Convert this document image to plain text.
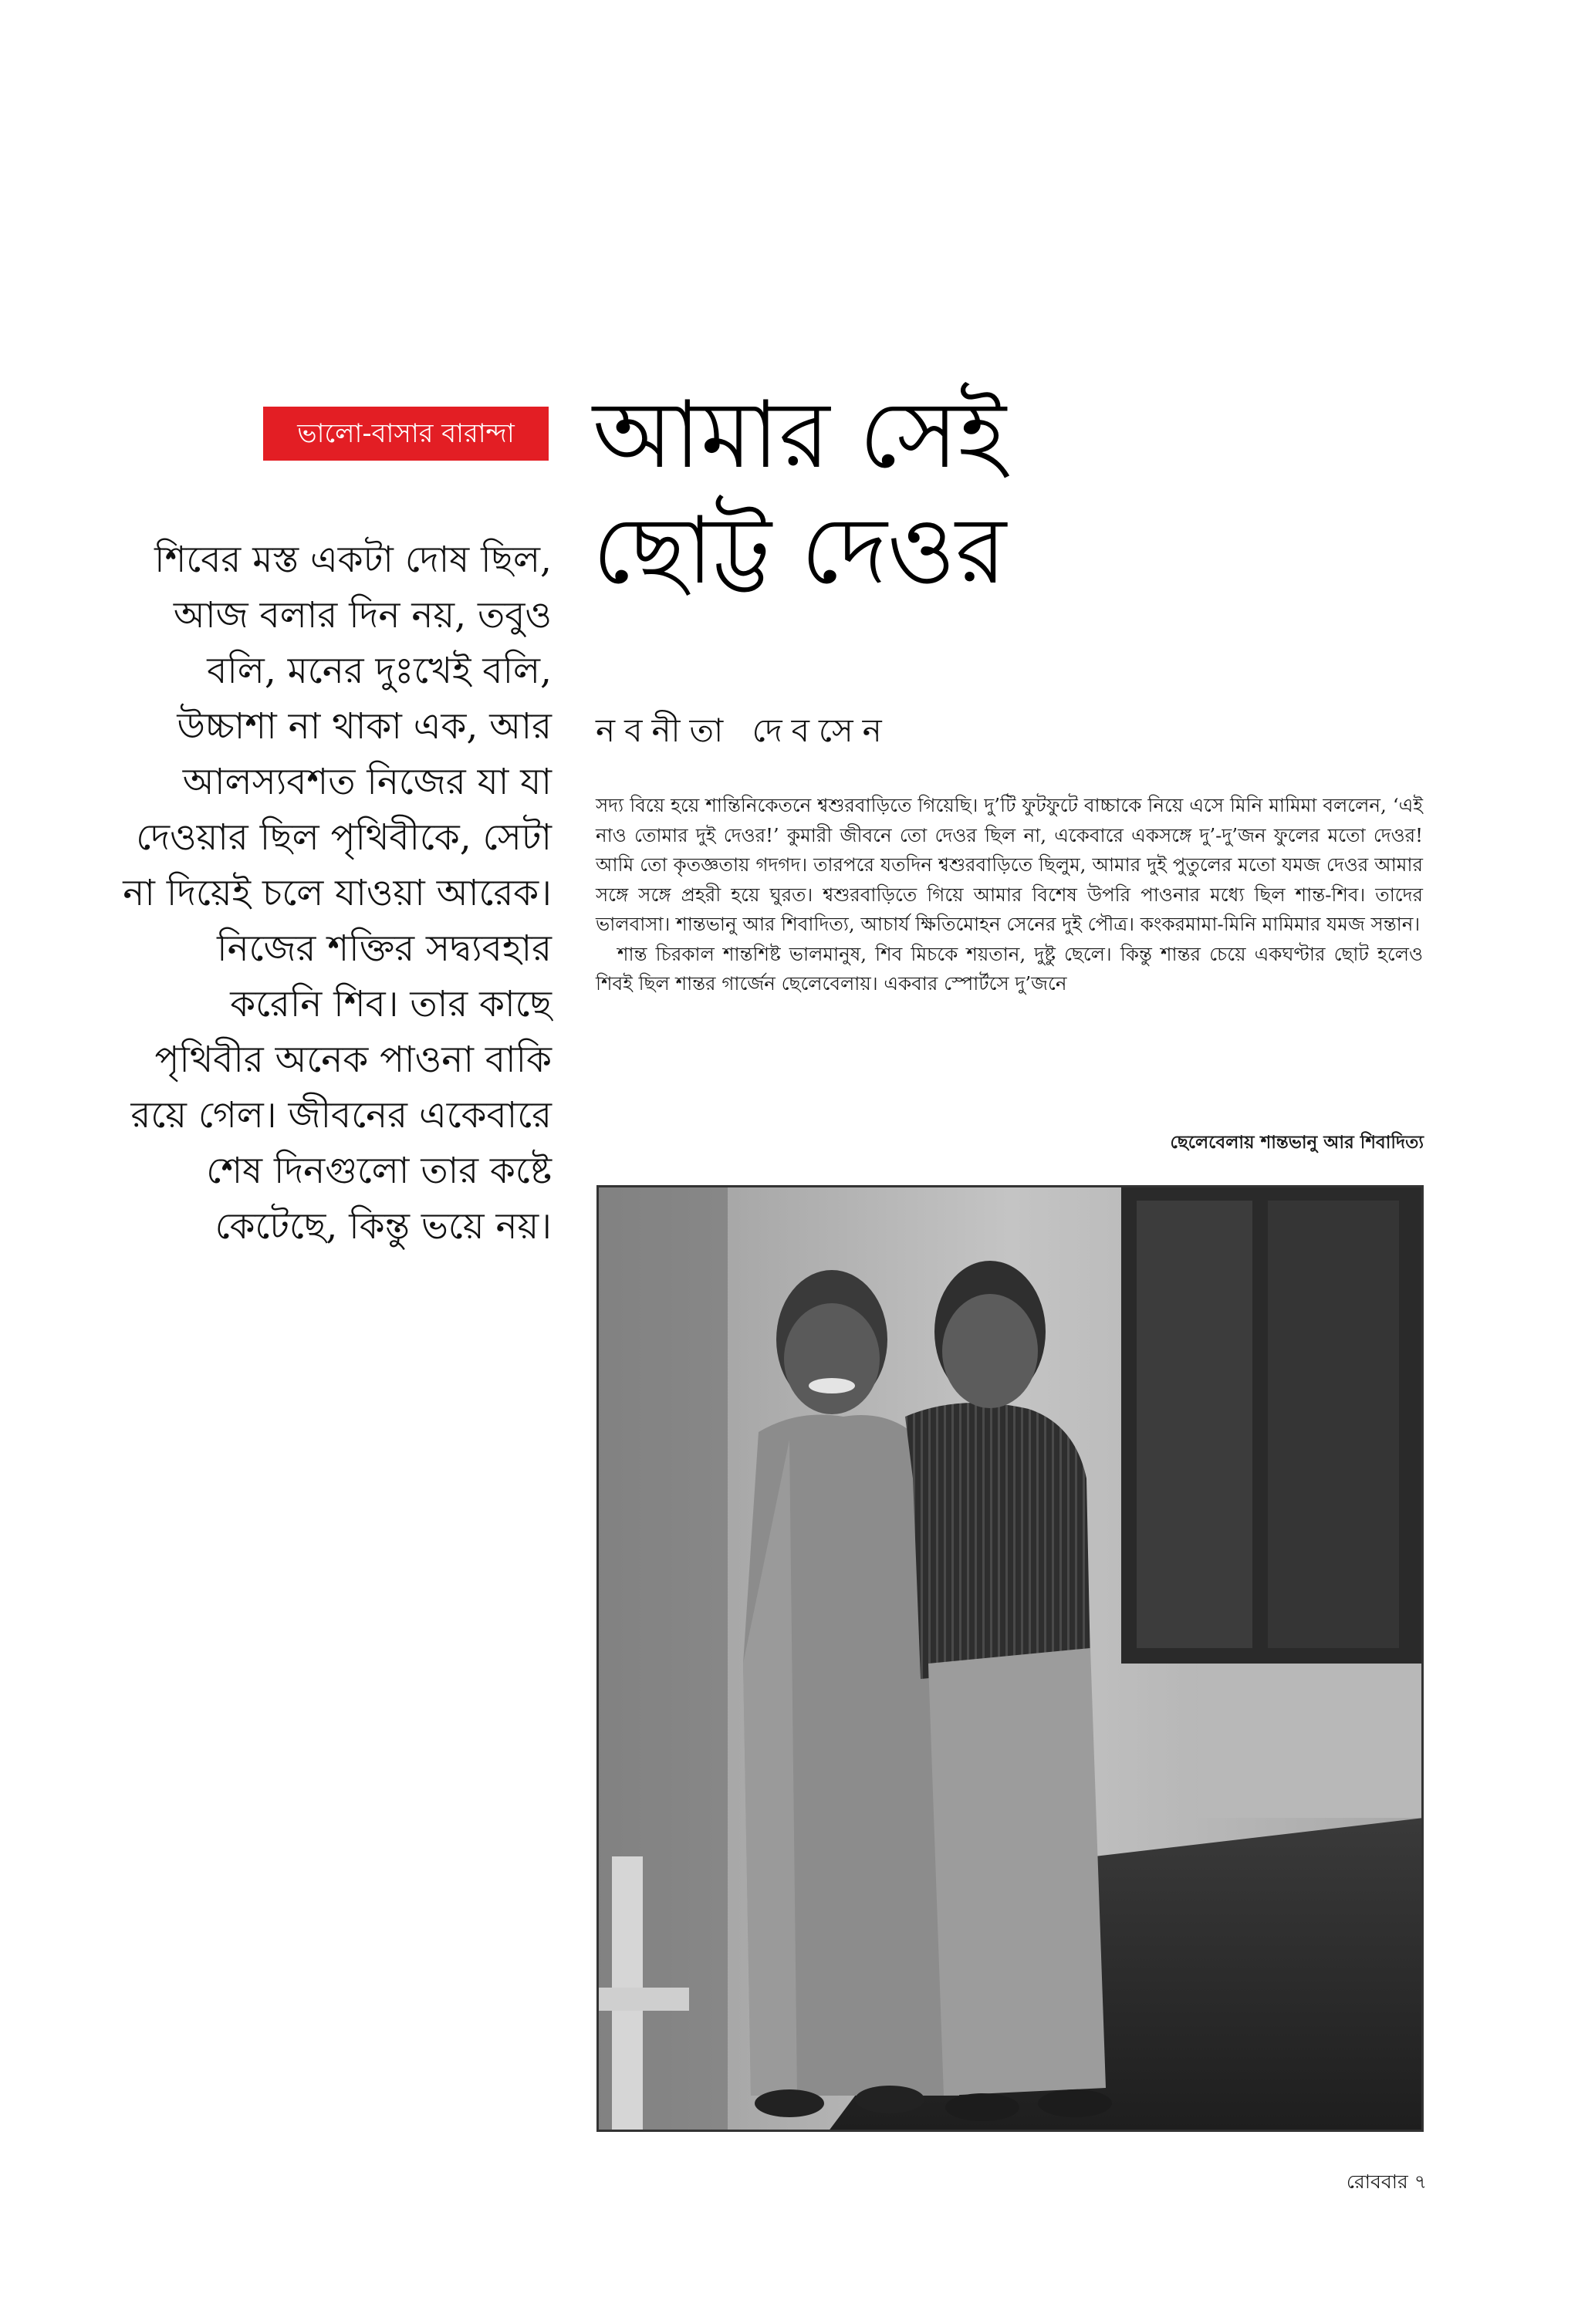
ভালো-বাসার বারান্দা আমার সেই
ছোট্ট দেওর
নবনীতা দেবসেন

শিবের মস্ত একটা দোষ ছিল, আজ বলার দিন নয়, তবুও বলি, মনের দুঃখেই বলি, উচ্চাশা না থাকা এক, আর আলস্যবশত নিজের যা যা দেওয়ার ছিল পৃথিবীকে, সেটা না দিয়েই চলে যাওয়া আরেক। নিজের শক্তির সদ্ব্যবহার করেনি শিব। তার কাছে পৃথিবীর অনেক পাওনা বাকি রয়ে গেল। জীবনের একেবারে শেষ দিনগুলো তার কষ্টে কেটেছে, কিন্তু ভয়ে নয়।

সদ্য বিয়ে হয়ে শান্তিনিকেতনে শ্বশুরবাড়িতে গিয়েছি। দু’টি ফুটফুটে বাচ্চাকে নিয়ে এসে মিনি মামিমা বললেন, ‘এই নাও তোমার দুই দেওর!’ কুমারী জীবনে তো দেওর ছিল না, একেবারে একসঙ্গে দু’-দু’জন ফুলের মতো দেওর! আমি তো কৃতজ্ঞতায় গদগদ। তারপরে যতদিন শ্বশুরবাড়িতে ছিলুম, আমার দুই পুতুলের মতো যমজ দেওর আমার সঙ্গে সঙ্গে প্রহরী হয়ে ঘুরত। শ্বশুরবাড়িতে গিয়ে আমার বিশেষ উপরি পাওনার মধ্যে ছিল শান্ত-শিব। তাদের ভালবাসা। শান্তভানু আর শিবাদিত্য, আচার্য ক্ষিতিমোহন সেনের দুই পৌত্র। কংকরমামা-মিনি মামিমার যমজ সন্তান।

শান্ত চিরকাল শান্তশিষ্ট ভালমানুষ, শিব মিচকে শয়তান, দুষ্টু ছেলে। কিন্তু শান্তর চেয়ে একঘণ্টার ছোট হলেও শিবই ছিল শান্তর গার্জেন ছেলেবেলায়। একবার স্পোর্টসে দু’জনে

ছেলেবেলায় শান্তভানু আর শিবাদিত্য
রোববার ৭
